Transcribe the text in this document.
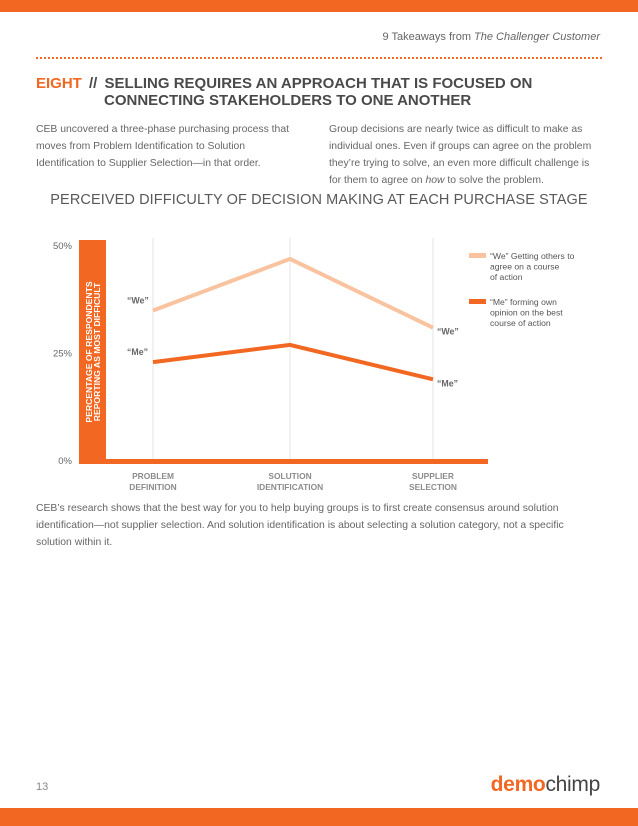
9 Takeaways from The Challenger Customer
EIGHT // SELLING REQUIRES AN APPROACH THAT IS FOCUSED ON
CONNECTING STAKEHOLDERS TO ONE ANOTHER
CEB uncovered a three-phase purchasing process that moves from Problem Identification to Solution Identification to Supplier Selection—in that order.
Group decisions are nearly twice as difficult to make as individual ones. Even if groups can agree on the problem they’re trying to solve, an even more difficult challenge is for them to agree on how to solve the problem.
PERCEIVED DIFFICULTY OF DECISION MAKING AT EACH PURCHASE STAGE
PERCENTAGE OF RESPONDENTS
REPORTING AS MOST DIFFICULT
0%
25%
50%
PROBLEM
DEFINITION
SOLUTION
IDENTIFICATION
SUPPLIER
SELECTION
“We”
“We”
“Me”
“Me”
“We” Getting others to
agree on a course
of action
“Me” forming own
opinion on the best
course of action
CEB’s research shows that the best way for you to help buying groups is to first create consensus around solution identification—not supplier selection. And solution identification is about selecting a solution category, not a specific solution within it.
13	demochimp
